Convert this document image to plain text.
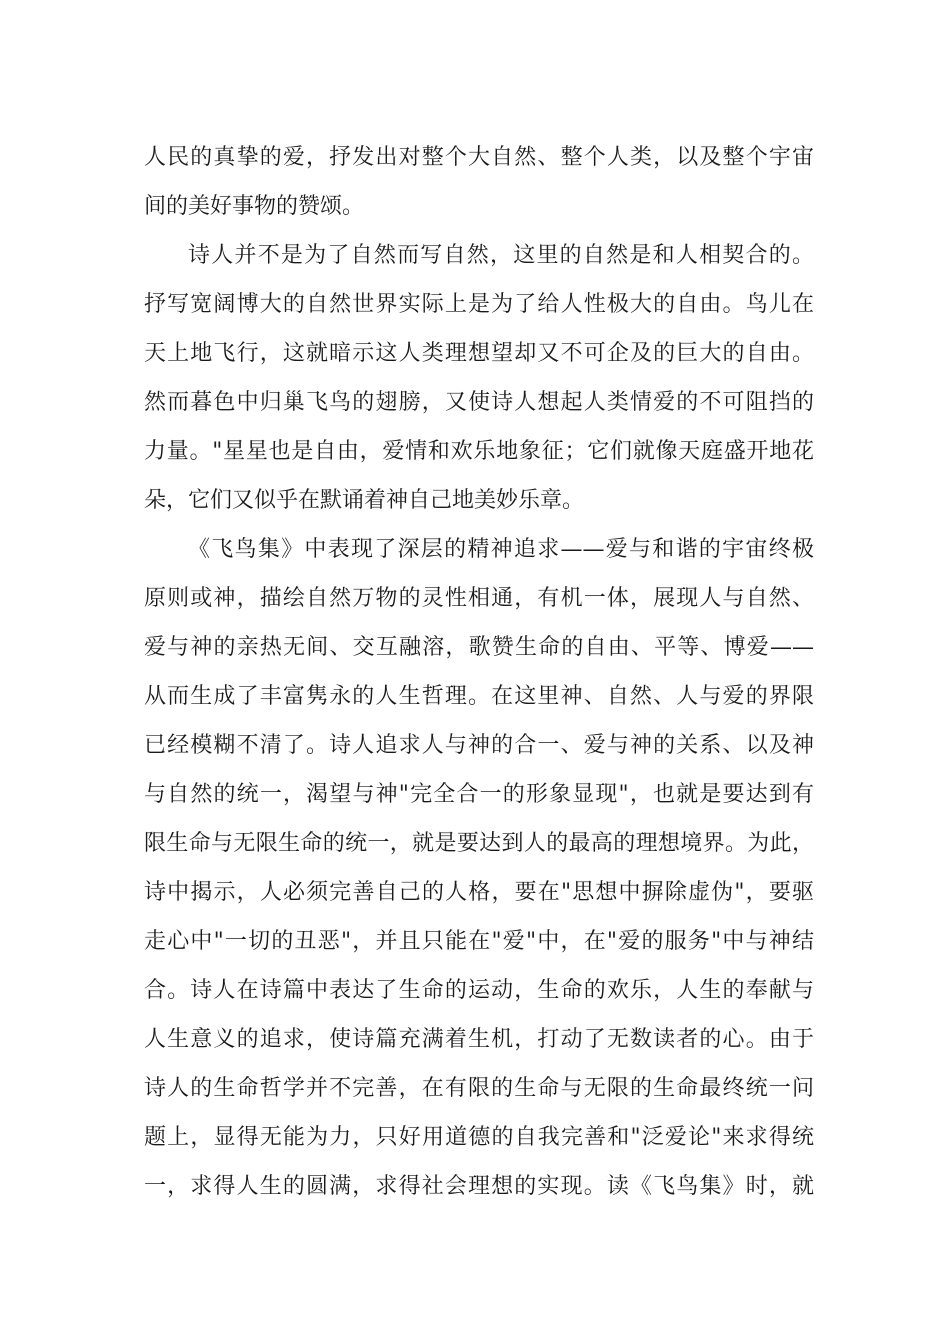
人民的真挚的爱，抒发出对整个大自然、整个人类，以及整个宇宙
间的美好事物的赞颂。
诗人并不是为了自然而写自然，这里的自然是和人相契合的。
抒写宽阔博大的自然世界实际上是为了给人性极大的自由。鸟儿在
天上地飞行，这就暗示这人类理想望却又不可企及的巨大的自由。
然而暮色中归巢飞鸟的翅膀，又使诗人想起人类情爱的不可阻挡的
力量。"星星也是自由，爱情和欢乐地象征；它们就像天庭盛开地花
朵，它们又似乎在默诵着神自己地美妙乐章。
《飞鸟集》中表现了深层的精神追求——爱与和谐的宇宙终极
原则或神，描绘自然万物的灵性相通，有机一体，展现人与自然、
爱与神的亲热无间、交互融溶，歌赞生命的自由、平等、博爱——
从而生成了丰富隽永的人生哲理。在这里神、自然、人与爱的界限
已经模糊不清了。诗人追求人与神的合一、爱与神的关系、以及神
与自然的统一，渴望与神"完全合一的形象显现"，也就是要达到有
限生命与无限生命的统一，就是要达到人的最高的理想境界。为此，
诗中揭示，人必须完善自己的人格，要在"思想中摒除虚伪"，要驱
走心中"一切的丑恶"，并且只能在"爱"中，在"爱的服务"中与神结
合。诗人在诗篇中表达了生命的运动，生命的欢乐，人生的奉献与
人生意义的追求，使诗篇充满着生机，打动了无数读者的心。由于
诗人的生命哲学并不完善，在有限的生命与无限的生命最终统一问
题上，显得无能为力，只好用道德的自我完善和"泛爱论"来求得统
一，求得人生的圆满，求得社会理想的实现。读《飞鸟集》时，就
